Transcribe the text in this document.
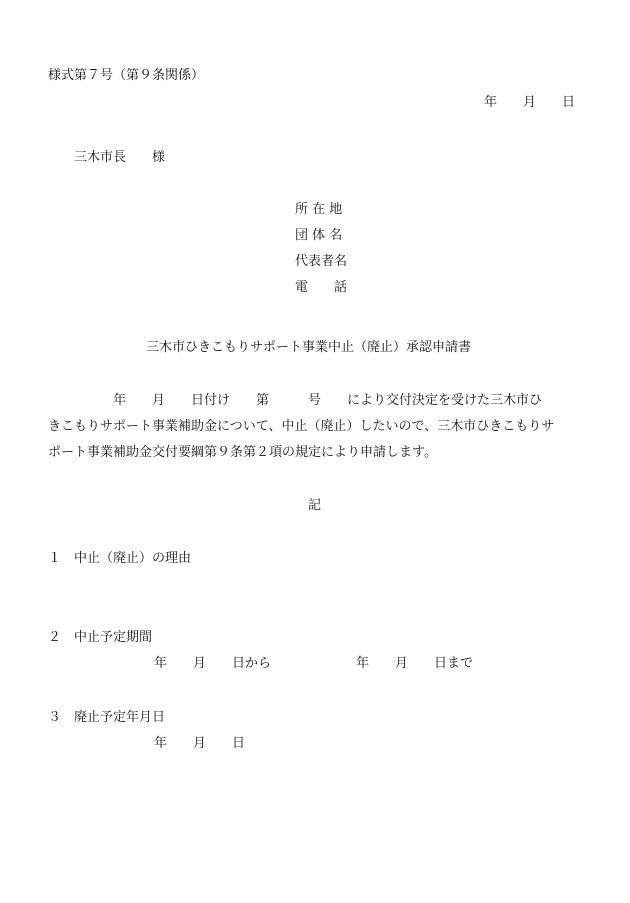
様式第７号（第９条関係）
年　　月　　日
三木市長　　様
所 在 地
団 体 名
代表者名
電　　話
三木市ひきこもりサポート事業中止（廃止）承認申請書
　　　　　年　　月　　日付け　　第　　　号　　により交付決定を受けた三木市ひ
きこもりサポート事業補助金について、中止（廃止）したいので、三木市ひきこもりサ
ポート事業補助金交付要綱第９条第２項の規定により申請します。
記
１ 中止（廃止）の理由
２ 中止予定期間
年　　月　　日から	年　　月　　日まで
３ 廃止予定年月日
年　　月　　日
